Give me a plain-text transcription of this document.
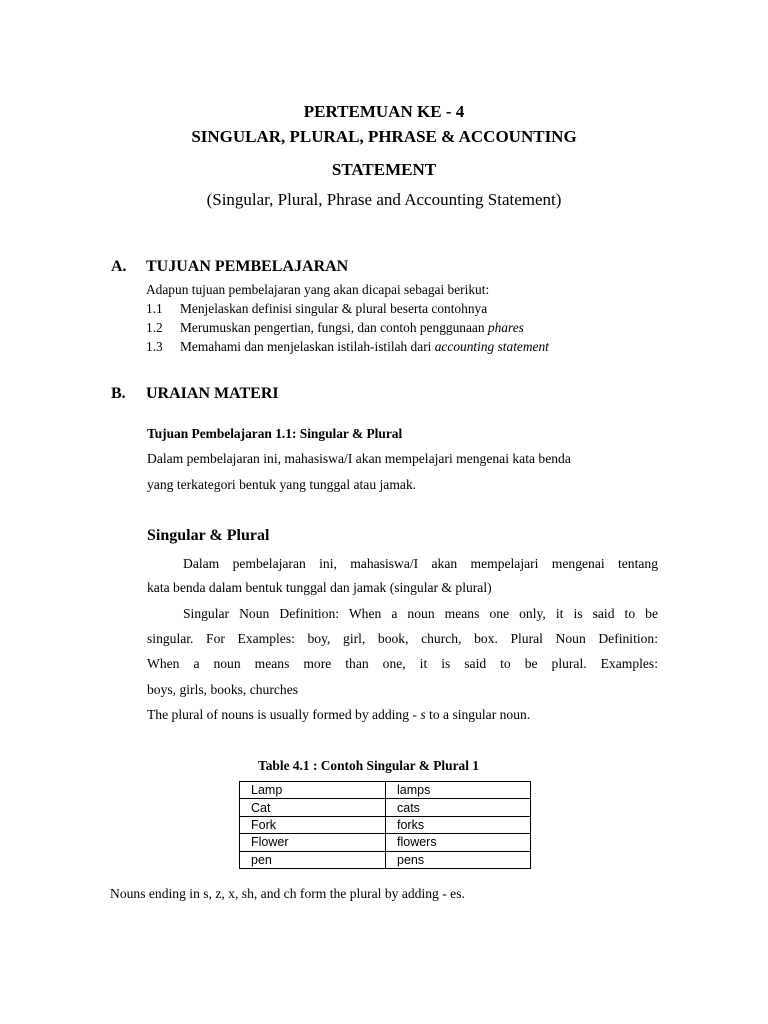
PERTEMUAN KE - 4
SINGULAR, PLURAL, PHRASE & ACCOUNTING
STATEMENT
(Singular, Plural, Phrase and Accounting Statement)
A. TUJUAN PEMBELAJARAN
Adapun tujuan pembelajaran yang akan dicapai sebagai berikut:
1.1 Menjelaskan definisi singular & plural beserta contohnya
1.2 Merumuskan pengertian, fungsi, dan contoh penggunaan phares
1.3 Memahami dan menjelaskan istilah-istilah dari accounting statement
B. URAIAN MATERI
Tujuan Pembelajaran 1.1: Singular & Plural
Dalam pembelajaran ini, mahasiswa/I akan mempelajari mengenai kata benda
yang terkategori bentuk yang tunggal atau jamak.
Singular & Plural
Dalam pembelajaran ini, mahasiswa/I akan mempelajari mengenai tentang
kata benda dalam bentuk tunggal dan jamak (singular & plural)
Singular Noun Definition: When a noun means one only, it is said to be
singular. For Examples: boy, girl, book, church, box. Plural Noun Definition:
When a noun means more than one, it is said to be plural. Examples:
boys, girls, books, churches
The plural of nouns is usually formed by adding - s to a singular noun.
Table 4.1 : Contoh Singular & Plural 1
Lamp	lamps
Cat	cats
Fork	forks
Flower	flowers
pen	pens
Nouns ending in s, z, x, sh, and ch form the plural by adding - es.
